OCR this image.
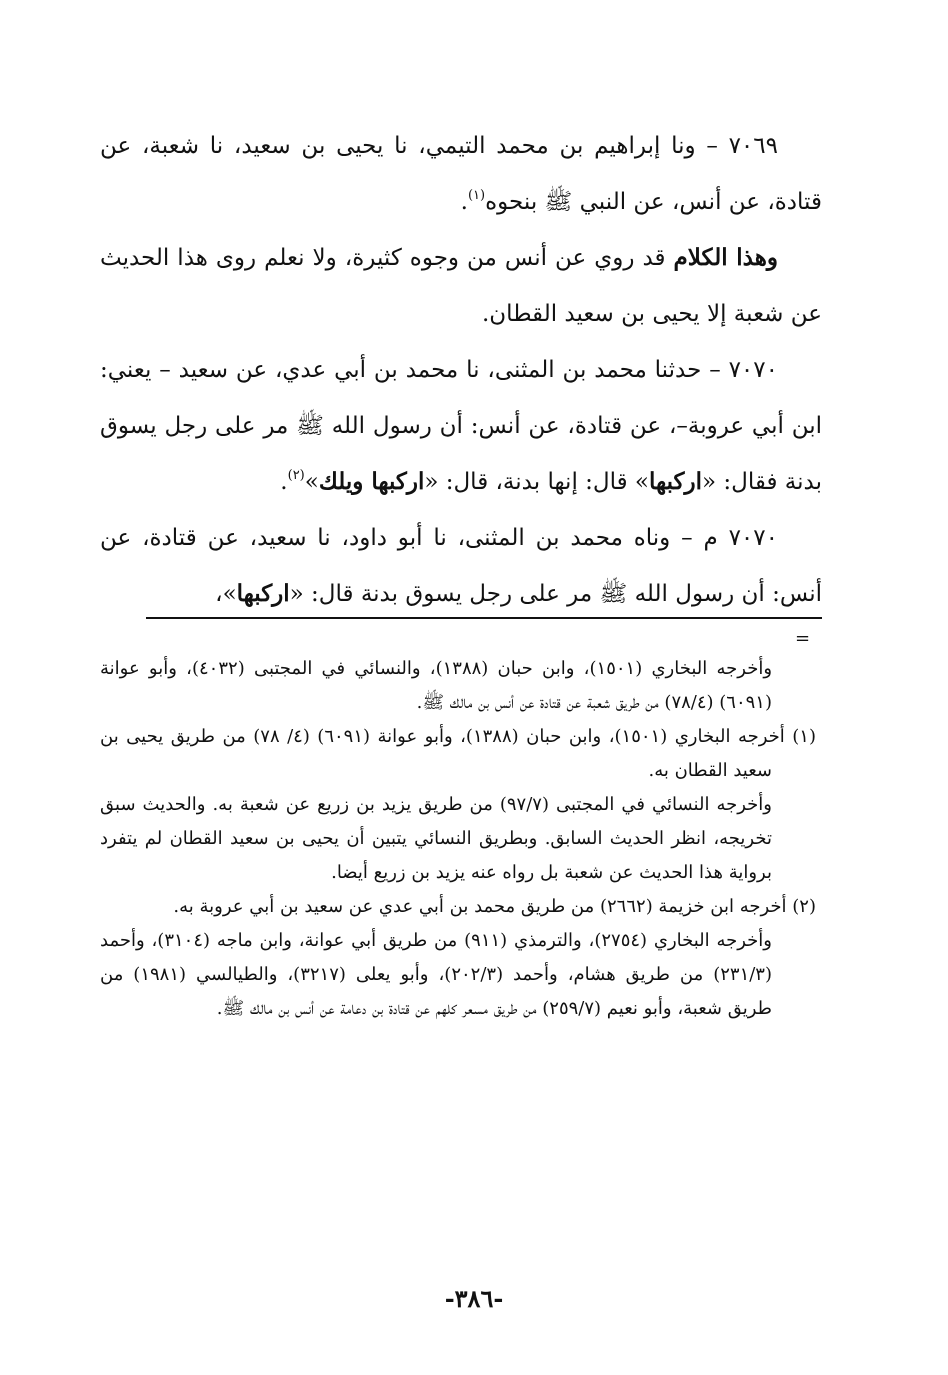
٧٠٦٩ – ونا إبراهيم بن محمد التيمي، نا يحيى بن سعيد، نا شعبة، عن قتادة، عن أنس، عن النبي ﷺ بنحوه$^{(١)}$.

وهذا الكلام قد روي عن أنس من وجوه كثيرة، ولا نعلم روى هذا الحديث عن شعبة إلا يحيى بن سعيد القطان.

٧٠٧٠ – حدثنا محمد بن المثنى، نا محمد بن أبي عدي، عن سعيد – يعني: ابن أبي عروبة–، عن قتادة، عن أنس: أن رسول الله ﷺ مر على رجل يسوق بدنة فقال: «اركبها» قال: إنها بدنة، قال: «اركبها ويلك»$^{(٢)}$.

٧٠٧٠ م – وناه محمد بن المثنى، نا أبو داود، نا سعيد، عن قتادة، عن أنس: أن رسول الله ﷺ مر على رجل يسوق بدنة قال: «اركبها»،

=

وأخرجه البخاري (١٥٠١)، وابن حبان (١٣٨٨)، والنسائي في المجتبى (٤٠٣٢)، وأبو عوانة (٦٠٩١) (٧٨/٤) من طريق شعبة عن قتادة عن أنس بن مالك ﷺ.

(١) أخرجه البخاري (١٥٠١)، وابن حبان (١٣٨٨)، وأبو عوانة (٦٠٩١) (٤/ ٧٨) من طريق يحيى بن سعيد القطان به.

وأخرجه النسائي في المجتبى (٩٧/٧) من طريق يزيد بن زريع عن شعبة به. والحديث سبق تخريجه، انظر الحديث السابق. وبطريق النسائي يتبين أن يحيى بن سعيد القطان لم يتفرد برواية هذا الحديث عن شعبة بل رواه عنه يزيد بن زريع أيضا.

(٢) أخرجه ابن خزيمة (٢٦٦٢) من طريق محمد بن أبي عدي عن سعيد بن أبي عروبة به.

وأخرجه البخاري (٢٧٥٤)، والترمذي (٩١١) من طريق أبي عوانة، وابن ماجه (٣١٠٤)، وأحمد (٢٣١/٣) من طريق هشام، وأحمد (٢٠٢/٣)، وأبو يعلى (٣٢١٧)، والطيالسي (١٩٨١) من طريق شعبة، وأبو نعيم (٢٥٩/٧) من طريق مسعر كلهم عن قتادة بن دعامة عن أنس بن مالك ﷺ.

-٣٨٦-
